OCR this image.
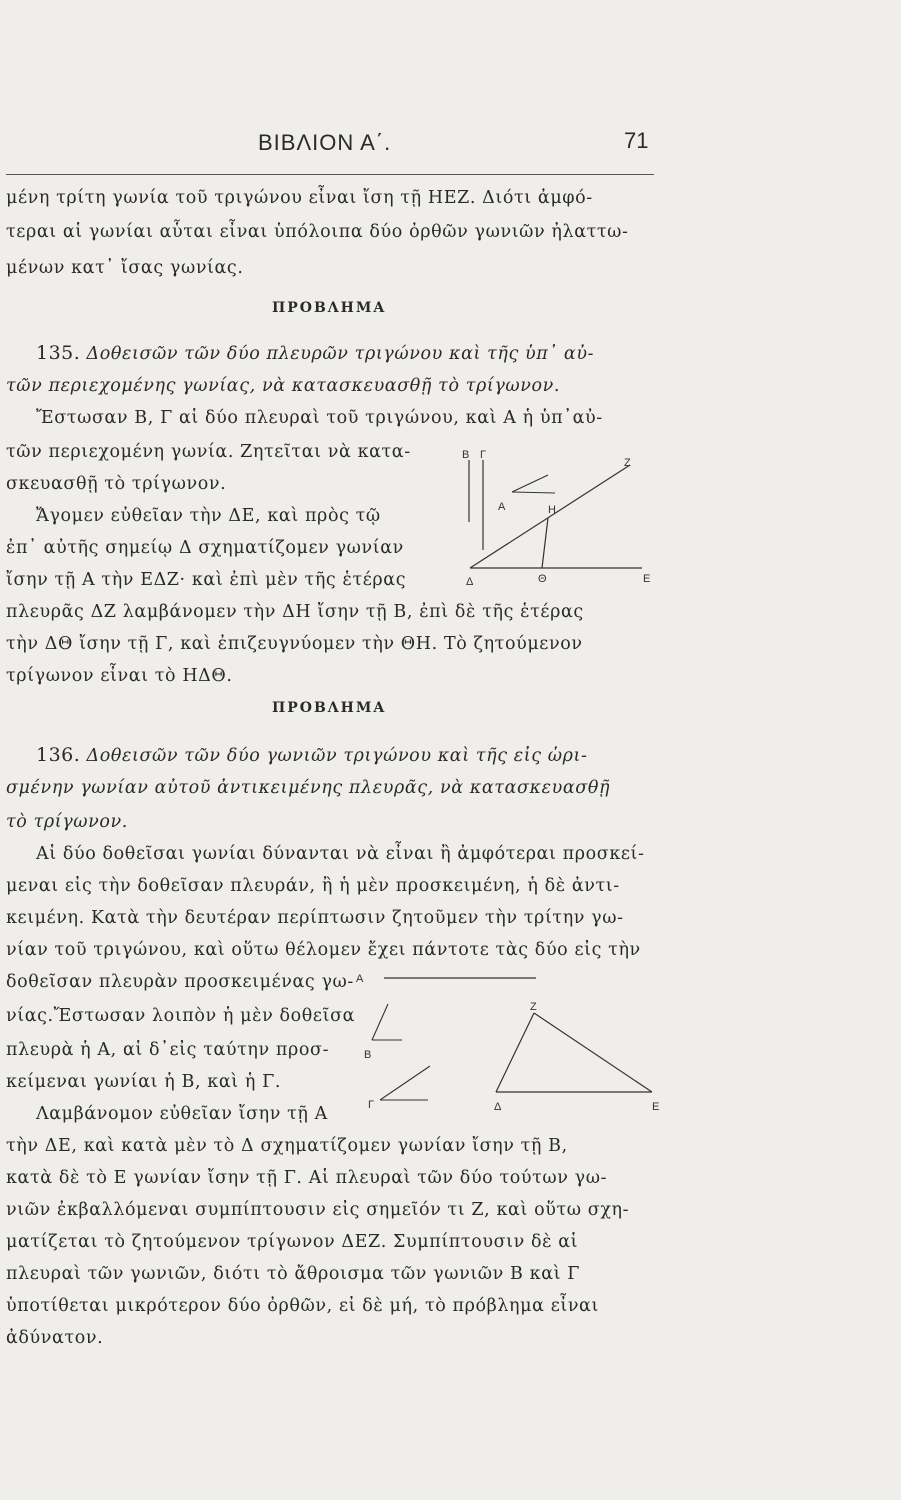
ΒΙΒΛΙΟΝ Α΄.	71
μένη τρίτη γωνία τοῦ τριγώνου εἶναι ἴση τῇ ΗΕΖ. Διότι ἀμφό-
τεραι αἱ γωνίαι αὗται εἶναι ὑπόλοιπα δύο ὀρθῶν γωνιῶν ἠλαττω-
μένων κατ᾽ ἴσας γωνίας.
ΠΡΟΒΛΗΜΑ
135. Δοθεισῶν τῶν δύο πλευρῶν τριγώνου καὶ τῆς ὑπ᾽ αὐ-
τῶν περιεχομένης γωνίας, νὰ κατασκευασθῇ τὸ τρίγωνον.
Ἔστωσαν Β, Γ αἱ δύο πλευραὶ τοῦ τριγώνου, καὶ Α ἡ ὑπ᾽αὐ-
τῶν περιεχομένη γωνία. Ζητεῖται νὰ κατα-
σκευασθῇ τὸ τρίγωνον.
Ἄγομεν εὐθεῖαν τὴν ΔΕ, καὶ πρὸς τῷ
ἐπ᾽ αὐτῆς σημείῳ Δ σχηματίζομεν γωνίαν
ἴσην τῇ Α τὴν ΕΔΖ· καὶ ἐπὶ μὲν τῆς ἑτέρας
πλευρᾶς ΔΖ λαμβάνομεν τὴν ΔΗ ἴσην τῇ Β, ἐπὶ δὲ τῆς ἑτέρας
τὴν ΔΘ ἴσην τῇ Γ, καὶ ἐπιζευγνύομεν τὴν ΘΗ. Τὸ ζητούμενον
τρίγωνον εἶναι τὸ ΗΔΘ.
Β Γ
Ζ
Α	Η
Δ	Θ	Ε
ΠΡΟΒΛΗΜΑ
136. Δοθεισῶν τῶν δύο γωνιῶν τριγώνου καὶ τῆς εἰς ὡρι-
σμένην γωνίαν αὐτοῦ ἀντικειμένης πλευρᾶς, νὰ κατασκευασθῇ
τὸ τρίγωνον.
Αἱ δύο δοθεῖσαι γωνίαι δύνανται νὰ εἶναι ἢ ἀμφότεραι προσκεί-
μεναι εἰς τὴν δοθεῖσαν πλευράν, ἢ ἡ μὲν προσκειμένη, ἡ δὲ ἀντι-
κειμένη. Κατὰ τὴν δευτέραν περίπτωσιν ζητοῦμεν τὴν τρίτην γω-
νίαν τοῦ τριγώνου, καὶ οὕτω θέλομεν ἔχει πάντοτε τὰς δύο εἰς τὴν
δοθεῖσαν πλευρὰν προσκειμένας γω-
νίας.Ἔστωσαν λοιπὸν ἡ μὲν δοθεῖσα
πλευρὰ ἡ Α, αἱ δ᾽εἰς ταύτην προσ-
κείμεναι γωνίαι ἡ Β, καὶ ἡ Γ.
Λαμβάνομον εὐθεῖαν ἴσην τῇ Α
τὴν ΔΕ, καὶ κατὰ μὲν τὸ Δ σχηματίζομεν γωνίαν ἴσην τῇ Β,
κατὰ δὲ τὸ Ε γωνίαν ἴσην τῇ Γ. Αἱ πλευραὶ τῶν δύο τούτων γω-
νιῶν ἐκβαλλόμεναι συμπίπτουσιν εἰς σημεῖόν τι Ζ, καὶ οὕτω σχη-
ματίζεται τὸ ζητούμενον τρίγωνον ΔΕΖ. Συμπίπτουσιν δὲ αἱ
πλευραὶ τῶν γωνιῶν, διότι τὸ ἄθροισμα τῶν γωνιῶν Β καὶ Γ
ὑποτίθεται μικρότερον δύο ὀρθῶν, εἰ δὲ μή, τὸ πρόβλημα εἶναι
ἀδύνατον.
Α
Ζ
Β
Γ	Δ	Ε
